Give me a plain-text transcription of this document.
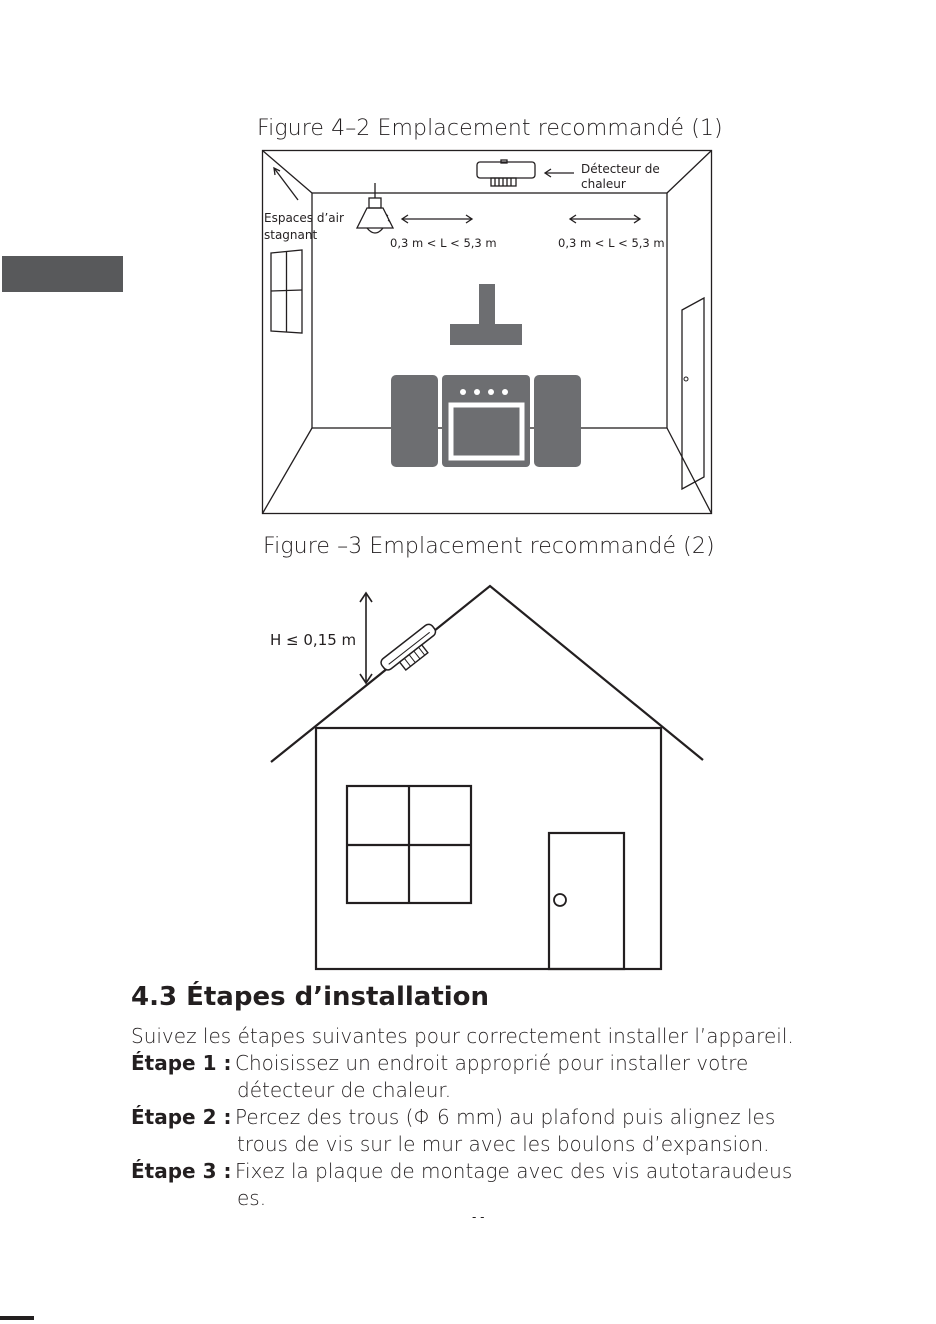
Figure 4–2 Emplacement recommandé (1)
Détecteur de
chaleur
Espaces d’air
stagnant
0,3 m < L < 5,3 m	0,3 m < L < 5,3 m
Figure –3 Emplacement recommandé (2)
H ≤ 0,15 m
4.3 Étapes d’installation

Suivez les étapes suivantes pour correctement installer l’appareil.

Étape 1 : Choisissez un endroit approprié pour installer votre
détecteur de chaleur.
Étape 2 : Percez des trous (Φ 6 mm) au plafond puis alignez les
trous de vis sur le mur avec les boulons d’expansion.
Étape 3 : Fixez la plaque de montage avec des vis autotaraudeus
es.
- -
